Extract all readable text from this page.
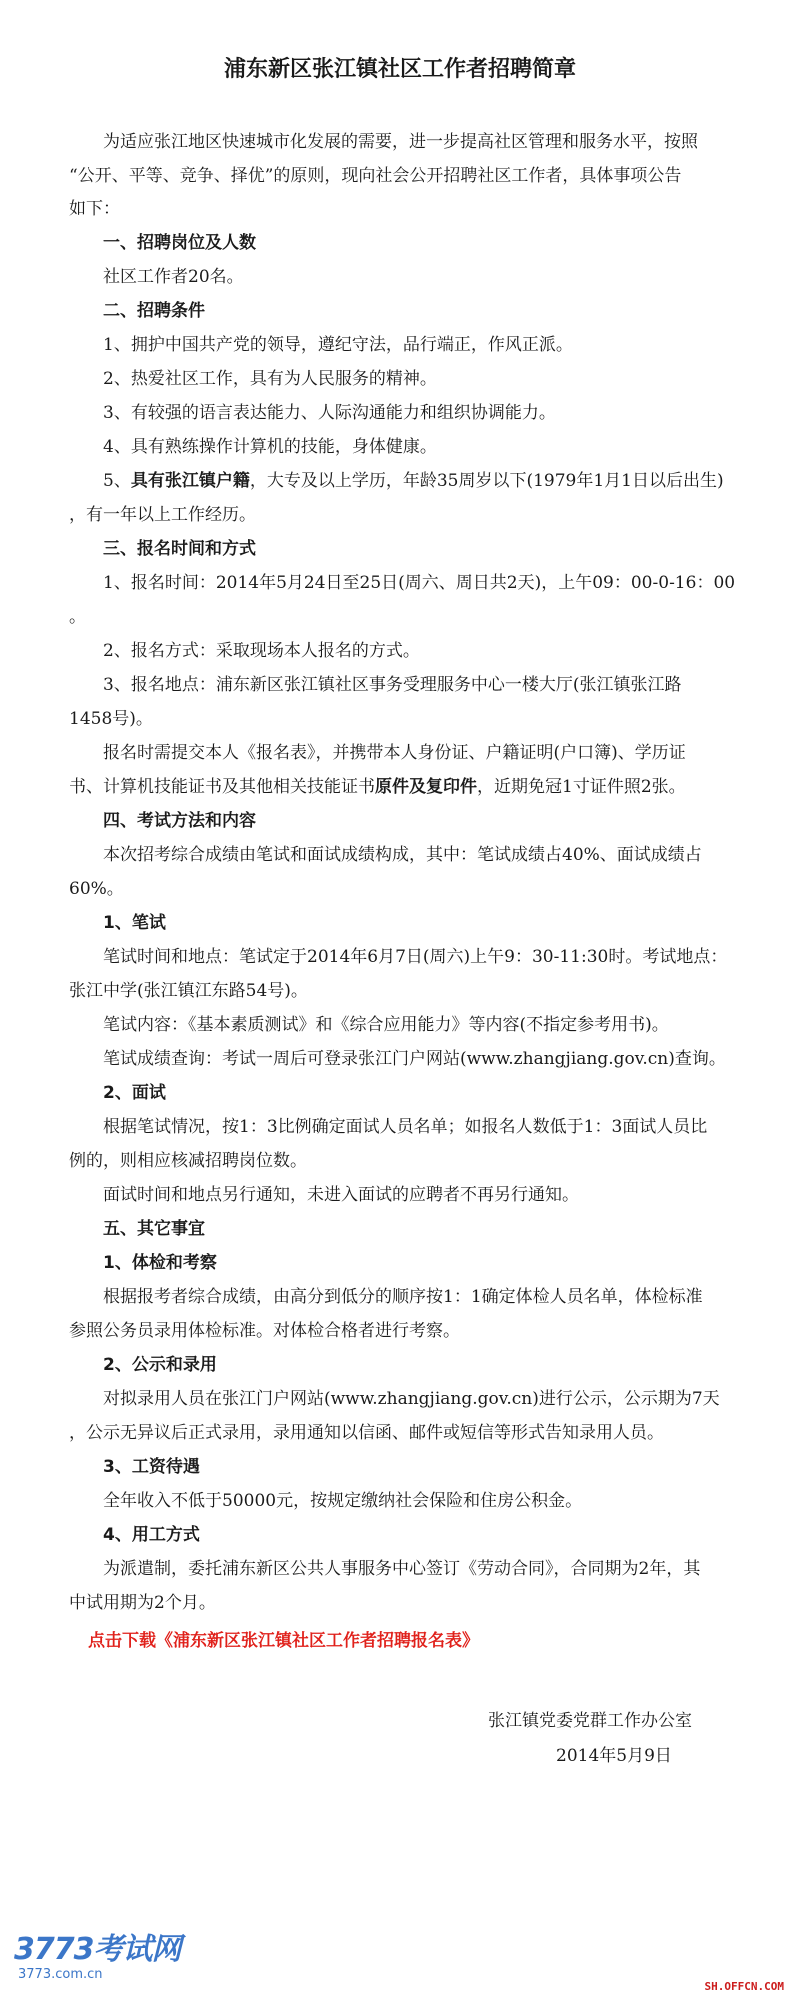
浦东新区张江镇社区工作者招聘简章
为适应张江地区快速城市化发展的需要，进一步提高社区管理和服务水平，按照
“公开、平等、竞争、择优”的原则，现向社会公开招聘社区工作者，具体事项公告
如下：
一、招聘岗位及人数
社区工作者20名。
二、招聘条件
1、拥护中国共产党的领导，遵纪守法，品行端正，作风正派。
2、热爱社区工作，具有为人民服务的精神。
3、有较强的语言表达能力、人际沟通能力和组织协调能力。
4、具有熟练操作计算机的技能，身体健康。
5、具有张江镇户籍，大专及以上学历，年龄35周岁以下(1979年1月1日以后出生)
，有一年以上工作经历。
三、报名时间和方式
1、报名时间：2014年5月24日至25日(周六、周日共2天)，上午09：00-0-16：00
。
2、报名方式：采取现场本人报名的方式。
3、报名地点：浦东新区张江镇社区事务受理服务中心一楼大厅(张江镇张江路
1458号)。
报名时需提交本人《报名表》，并携带本人身份证、户籍证明(户口簿)、学历证
书、计算机技能证书及其他相关技能证书原件及复印件，近期免冠1寸证件照2张。
四、考试方法和内容
本次招考综合成绩由笔试和面试成绩构成，其中：笔试成绩占40%、面试成绩占
60%。
1、笔试
笔试时间和地点：笔试定于2014年6月7日(周六)上午9：30-11:30时。考试地点：
张江中学(张江镇江东路54号)。
笔试内容：《基本素质测试》和《综合应用能力》等内容(不指定参考用书)。
笔试成绩查询：考试一周后可登录张江门户网站(www.zhangjiang.gov.cn)查询。
2、面试
根据笔试情况，按1：3比例确定面试人员名单；如报名人数低于1：3面试人员比
例的，则相应核减招聘岗位数。
面试时间和地点另行通知，未进入面试的应聘者不再另行通知。
五、其它事宜
1、体检和考察
根据报考者综合成绩，由高分到低分的顺序按1：1确定体检人员名单，体检标准
参照公务员录用体检标准。对体检合格者进行考察。
2、公示和录用
对拟录用人员在张江门户网站(www.zhangjiang.gov.cn)进行公示，公示期为7天
，公示无异议后正式录用，录用通知以信函、邮件或短信等形式告知录用人员。
3、工资待遇
全年收入不低于50000元，按规定缴纳社会保险和住房公积金。
4、用工方式
为派遣制，委托浦东新区公共人事服务中心签订《劳动合同》，合同期为2年，其
中试用期为2个月。
点击下载《浦东新区张江镇社区工作者招聘报名表》
张江镇党委党群工作办公室
2014年5月9日
3773考试网
3773.com.cn
SH.OFFCN.COM
